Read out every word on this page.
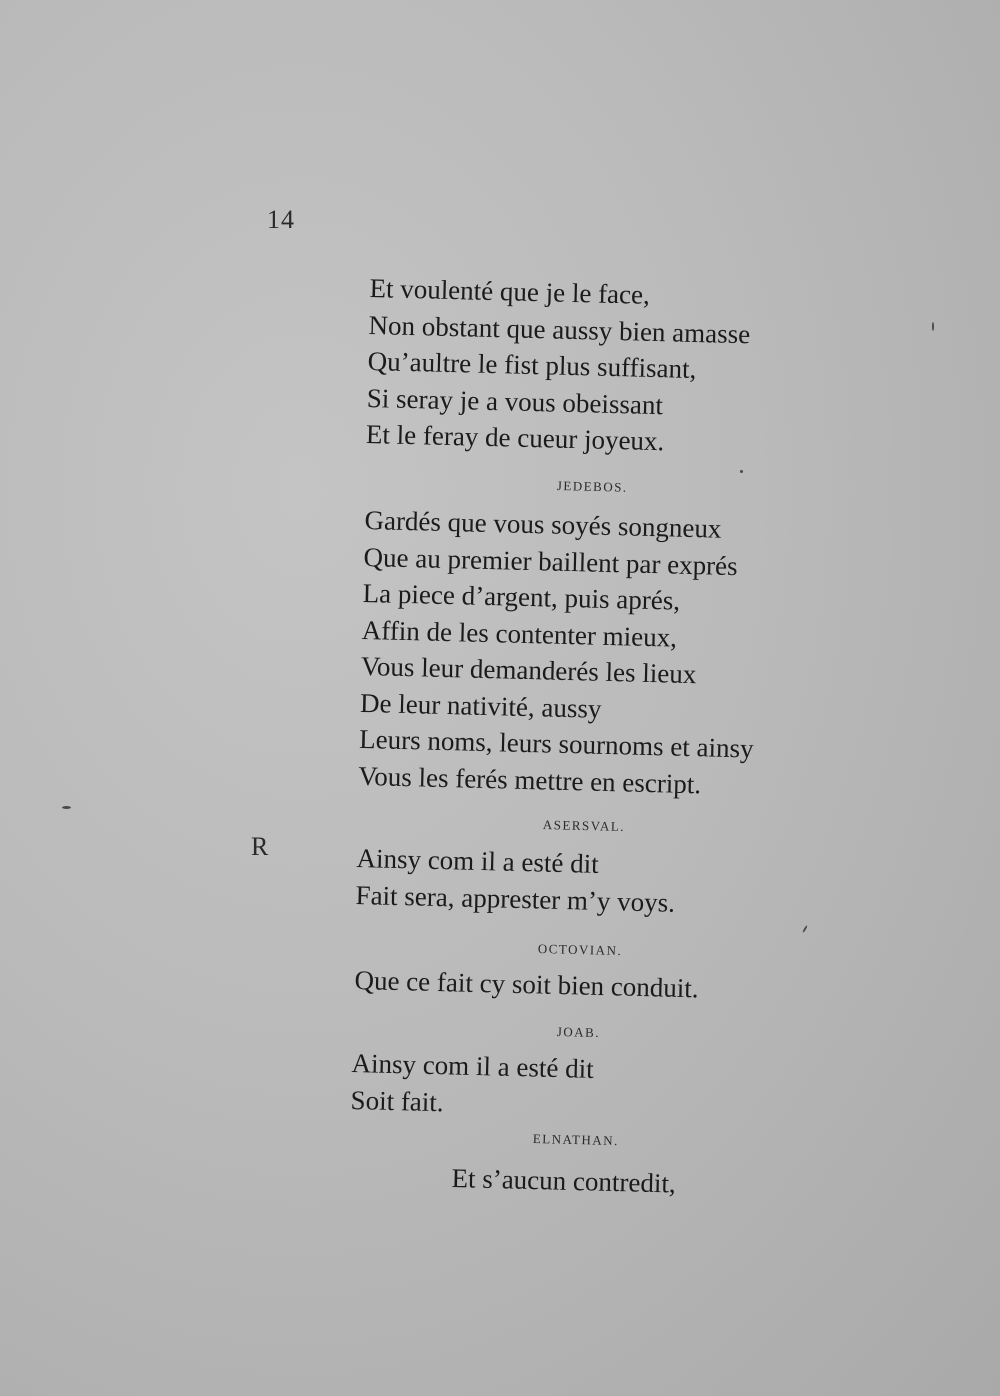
14
Et voulenté que je le face,
Non obstant que aussy bien amasse
Qu’aultre le fist plus suffisant,
Si seray je a vous obeissant
Et le feray de cueur joyeux.
JEDEBOS.
Gardés que vous soyés songneux
Que au premier baillent par exprés
La piece d’argent, puis aprés,
Affin de les contenter mieux,
Vous leur demanderés les lieux
De leur nativité, aussy
Leurs noms, leurs sournoms et ainsy
Vous les ferés mettre en escript.
R
ASERSVAL.
Ainsy com il a esté dit
Fait sera, apprester m’y voys.
OCTOVIAN.
Que ce fait cy soit bien conduit.
JOAB.
Ainsy com il a esté dit
Soit fait.
ELNATHAN.
Et s’aucun contredit,
